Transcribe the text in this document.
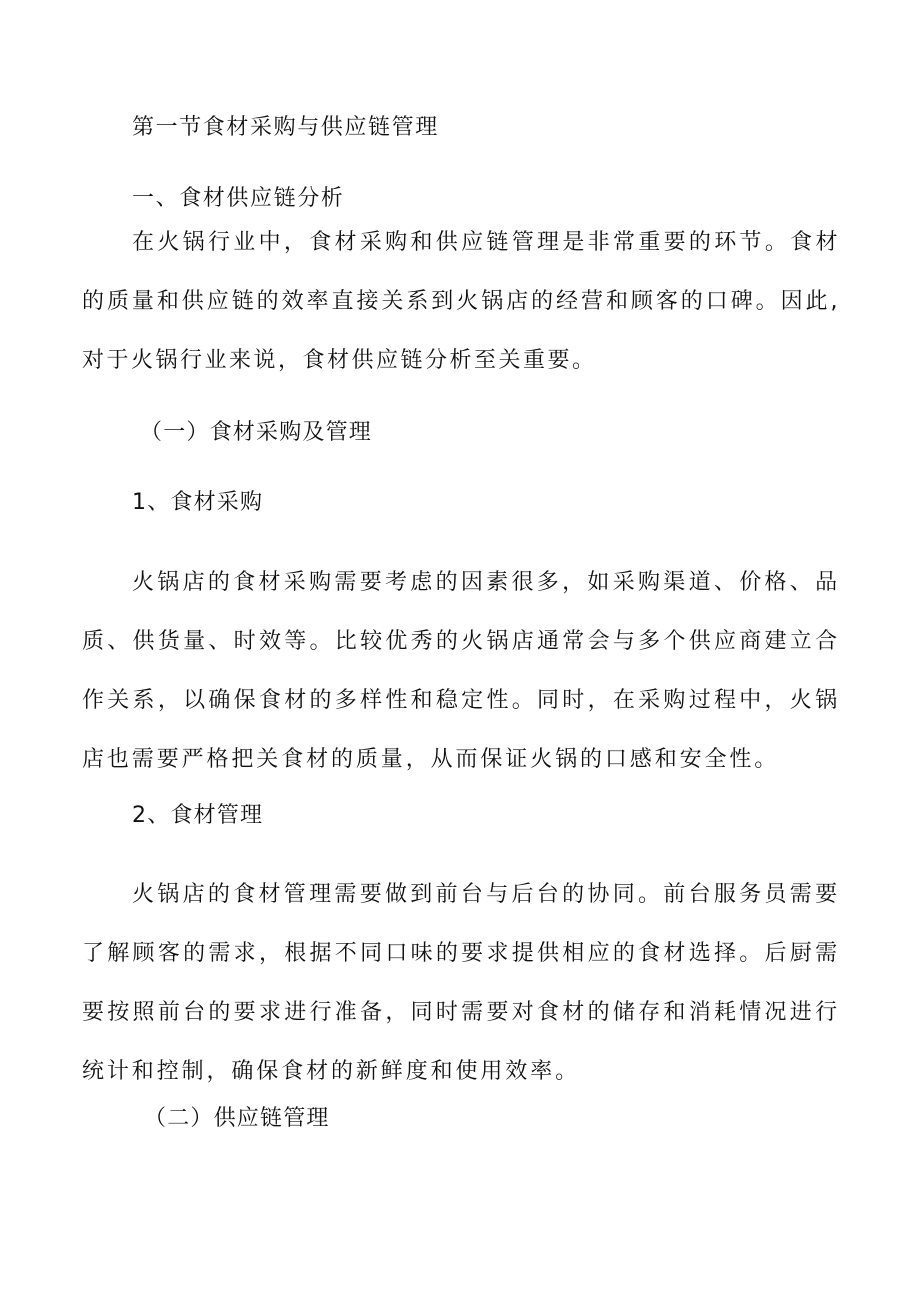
第一节食材采购与供应链管理
一、食材供应链分析

在火锅行业中，食材采购和供应链管理是非常重要的环节。食材的质量和供应链的效率直接关系到火锅店的经营和顾客的口碑。因此,对于火锅行业来说，食材供应链分析至关重要。

（一）食材采购及管理
1、食材采购

火锅店的食材采购需要考虑的因素很多，如采购渠道、价格、品质、供货量、时效等。比较优秀的火锅店通常会与多个供应商建立合作关系，以确保食材的多样性和稳定性。同时，在采购过程中，火锅店也需要严格把关食材的质量，从而保证火锅的口感和安全性。

2、食材管理

火锅店的食材管理需要做到前台与后台的协同。前台服务员需要了解顾客的需求，根据不同口味的要求提供相应的食材选择。后厨需要按照前台的要求进行准备，同时需要对食材的储存和消耗情况进行统计和控制，确保食材的新鲜度和使用效率。

（二）供应链管理
